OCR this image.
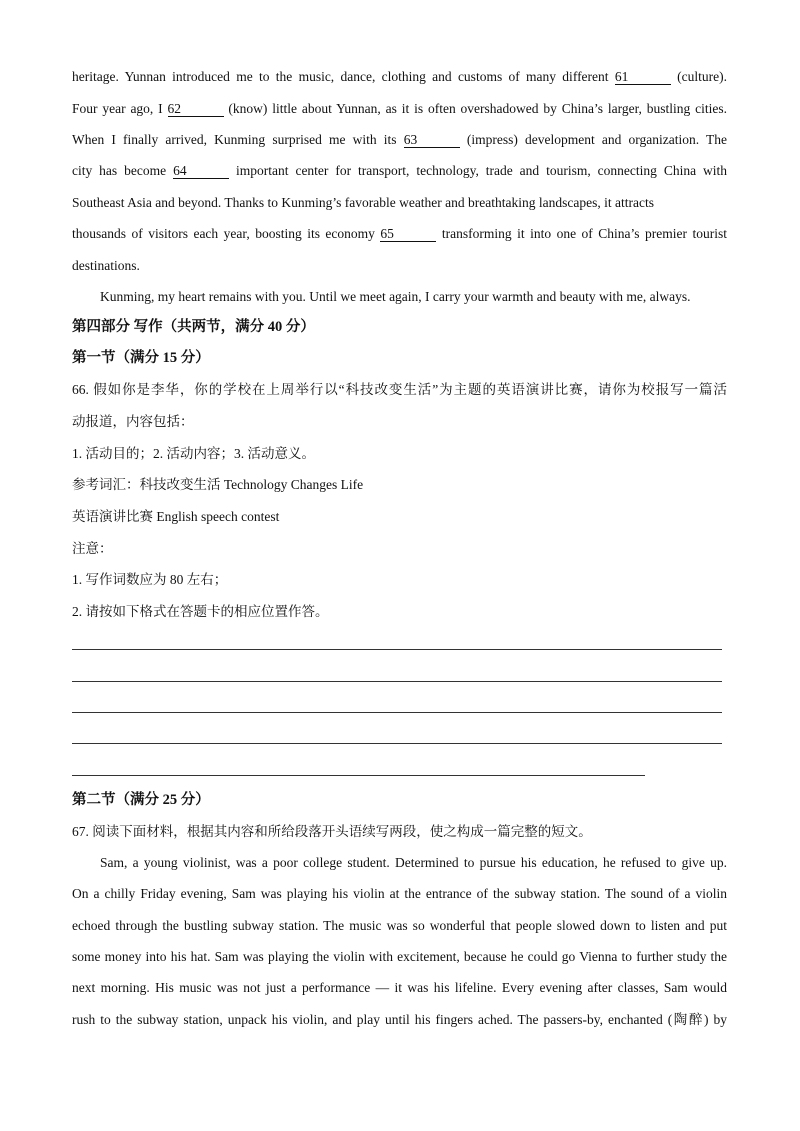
heritage. Yunnan introduced me to the music, dance, clothing and customs of many different 61	(culture).
Four year ago, I 62	(know) little about Yunnan, as it is often overshadowed by China’s larger, bustling cities.
When I finally arrived, Kunming surprised me with its 63	(impress) development and organization. The
city has become 64	important center for transport, technology, trade and tourism, connecting China with
Southeast Asia and beyond. Thanks to Kunming’s favorable weather and breathtaking landscapes, it attracts
thousands of visitors each year, boosting its economy 65	transforming it into one of China’s premier tourist
destinations.
Kunming, my heart remains with you. Until we meet again, I carry your warmth and beauty with me, always.
第四部分 写作（共两节，满分 40 分）
第一节（满分 15 分）
66. 假如你是李华，你的学校在上周举行以“科技改变生活”为主题的英语演讲比赛，请你为校报写一篇活
动报道，内容包括：
1. 活动目的；2. 活动内容；3. 活动意义。
参考词汇：科技改变生活 Technology Changes Life
英语演讲比赛 English speech contest
注意：
1. 写作词数应为 80 左右；
2. 请按如下格式在答题卡的相应位置作答。
第二节（满分 25 分）
67. 阅读下面材料，根据其内容和所给段落开头语续写两段，使之构成一篇完整的短文。
Sam, a young violinist, was a poor college student. Determined to pursue his education, he refused to give up.
On a chilly Friday evening, Sam was playing his violin at the entrance of the subway station. The sound of a violin
echoed through the bustling subway station. The music was so wonderful that people slowed down to listen and put
some money into his hat. Sam was playing the violin with excitement, because he could go Vienna to further study the
next morning. His music was not just a performance — it was his lifeline. Every evening after classes, Sam would
rush to the subway station, unpack his violin, and play until his fingers ached. The passers-by, enchanted (陶醉) by
